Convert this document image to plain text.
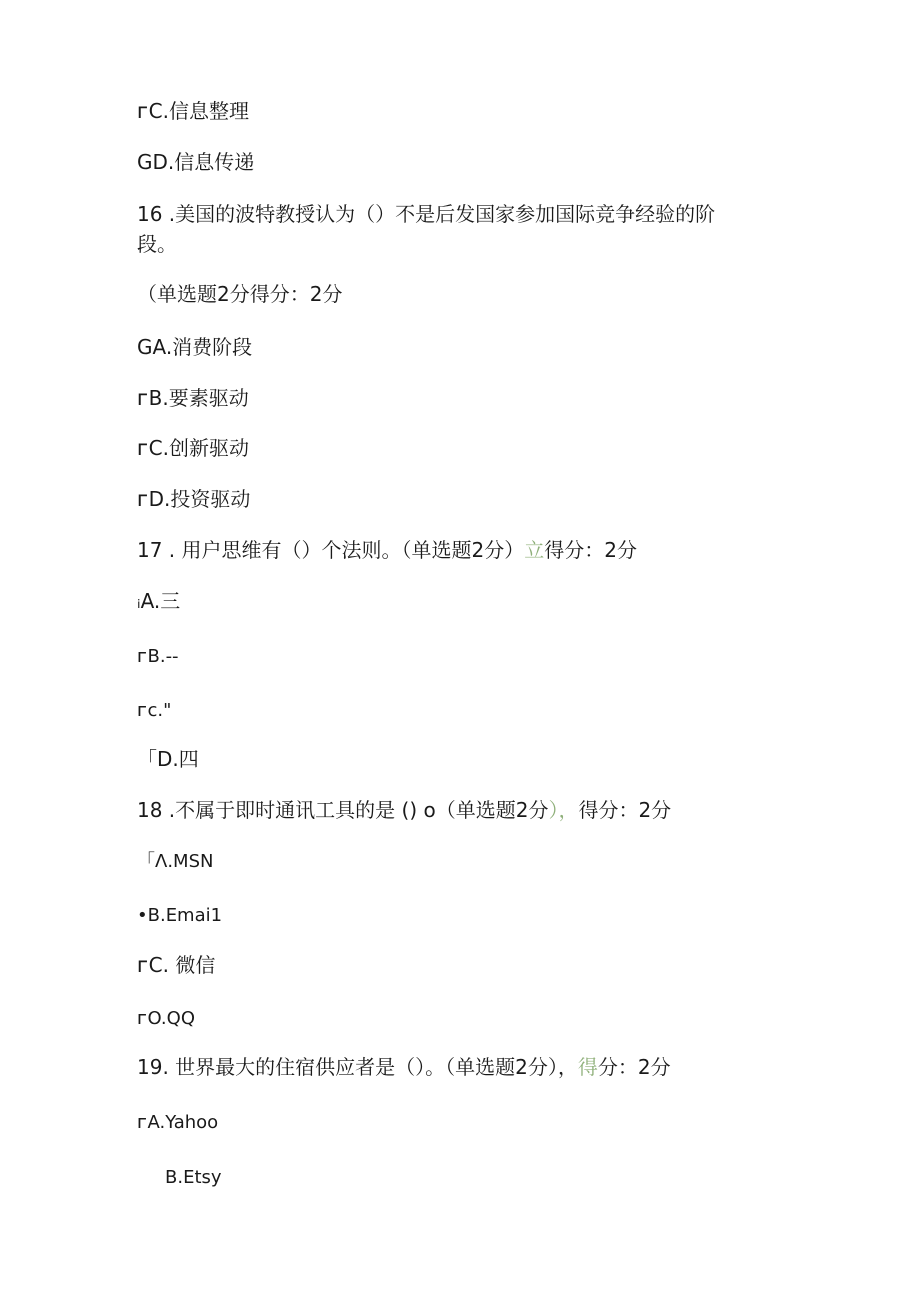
ᴦC.信息整理
GD.信息传递
16 .美国的波特教授认为（）不是后发国家参加国际竞争经验的阶
段。
（单选题2分得分：2分
GA.消费阶段
ᴦB.要素驱动
ᴦC.创新驱动
ᴦD.投资驱动
17 . 用户思维有（）个法则。（单选题2分）立得分：2分
ᵢA.三
ᴦB.--
ᴦc."
「D.四
18 .不属于即时通讯工具的是 () o（单选题2分），得分：2分
「Λ.MSN
•B.Emai1
ᴦC. 微信
ᴦO.QQ
19. 世界最大的住宿供应者是（）。（单选题2分），得分：2分
ᴦA.Yahoo
B.Etsy
